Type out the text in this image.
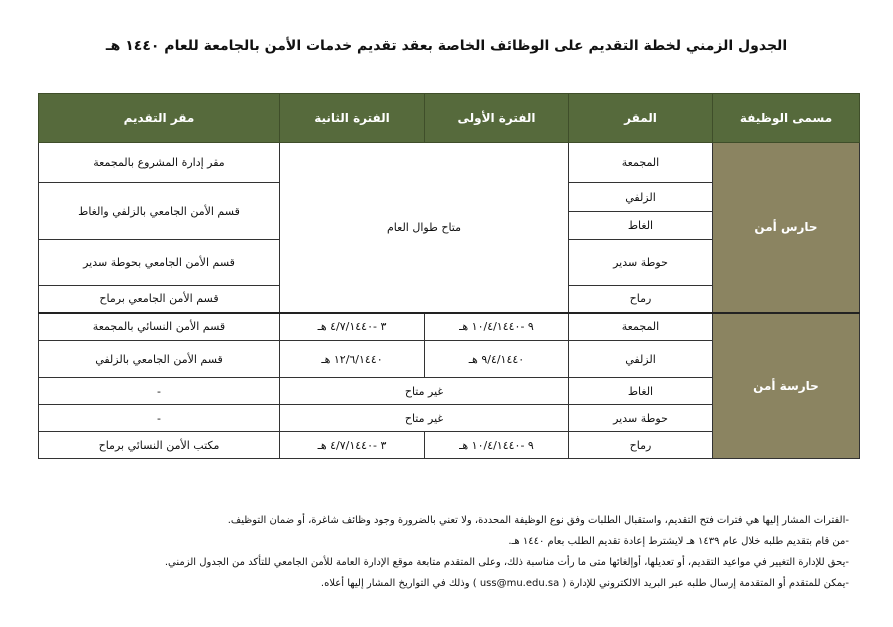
الجدول الزمني لخطة التقديم على الوظائف الخاصة بعقد تقديم خدمات الأمن بالجامعة للعام ١٤٤٠ هـ
مسمى الوظيفة	المقر	الفترة الأولى	الفترة الثانية	مقر التقديم
حارس أمن	المجمعة	متاح طوال العام		مقر إدارة المشروع بالمجمعة
	الزلفي			قسم الأمن الجامعي بالزلفي والغاط
	الغاط			
	حوطة سدير			قسم الأمن الجامعي بحوطة سدير
	رماح			قسم الأمن الجامعي برماح
حارسة أمن	المجمعة	٩ -١٠/٤/١٤٤٠ هـ	٣ -٤/٧/١٤٤٠ هـ	قسم الأمن النسائي بالمجمعة
	الزلفي	٩/٤/١٤٤٠ هـ	١٢/٦/١٤٤٠ هـ	قسم الأمن الجامعي بالزلفي
	الغاط	غير متاح		-
	حوطة سدير	غير متاح		-
	رماح	٩ -١٠/٤/١٤٤٠ هـ	٣ -٤/٧/١٤٤٠ هـ	مكتب الأمن النسائي برماح
-الفترات المشار إليها هي فترات فتح التقديم، واستقبال الطلبات وفق نوع الوظيفة المحددة، ولا تعني بالضرورة وجود وظائف شاغرة، أو ضمان التوظيف.
-من قام بتقديم طلبه خلال عام ١٤٣٩ هـ لايشترط إعادة تقديم الطلب بعام ١٤٤٠ هـ.
-يحق للإدارة التغيير في مواعيد التقديم، أو تعديلها، أوإلغائها متى ما رأت مناسبة ذلك، وعلى المتقدم متابعة موقع الإدارة العامة للأمن الجامعي للتأكد من الجدول الزمني.
-يمكن للمتقدم أو المتقدمة إرسال طلبه عبر البريد الالكتروني للإدارة ( uss@mu.edu.sa ) وذلك في التواريخ المشار إليها أعلاه.
